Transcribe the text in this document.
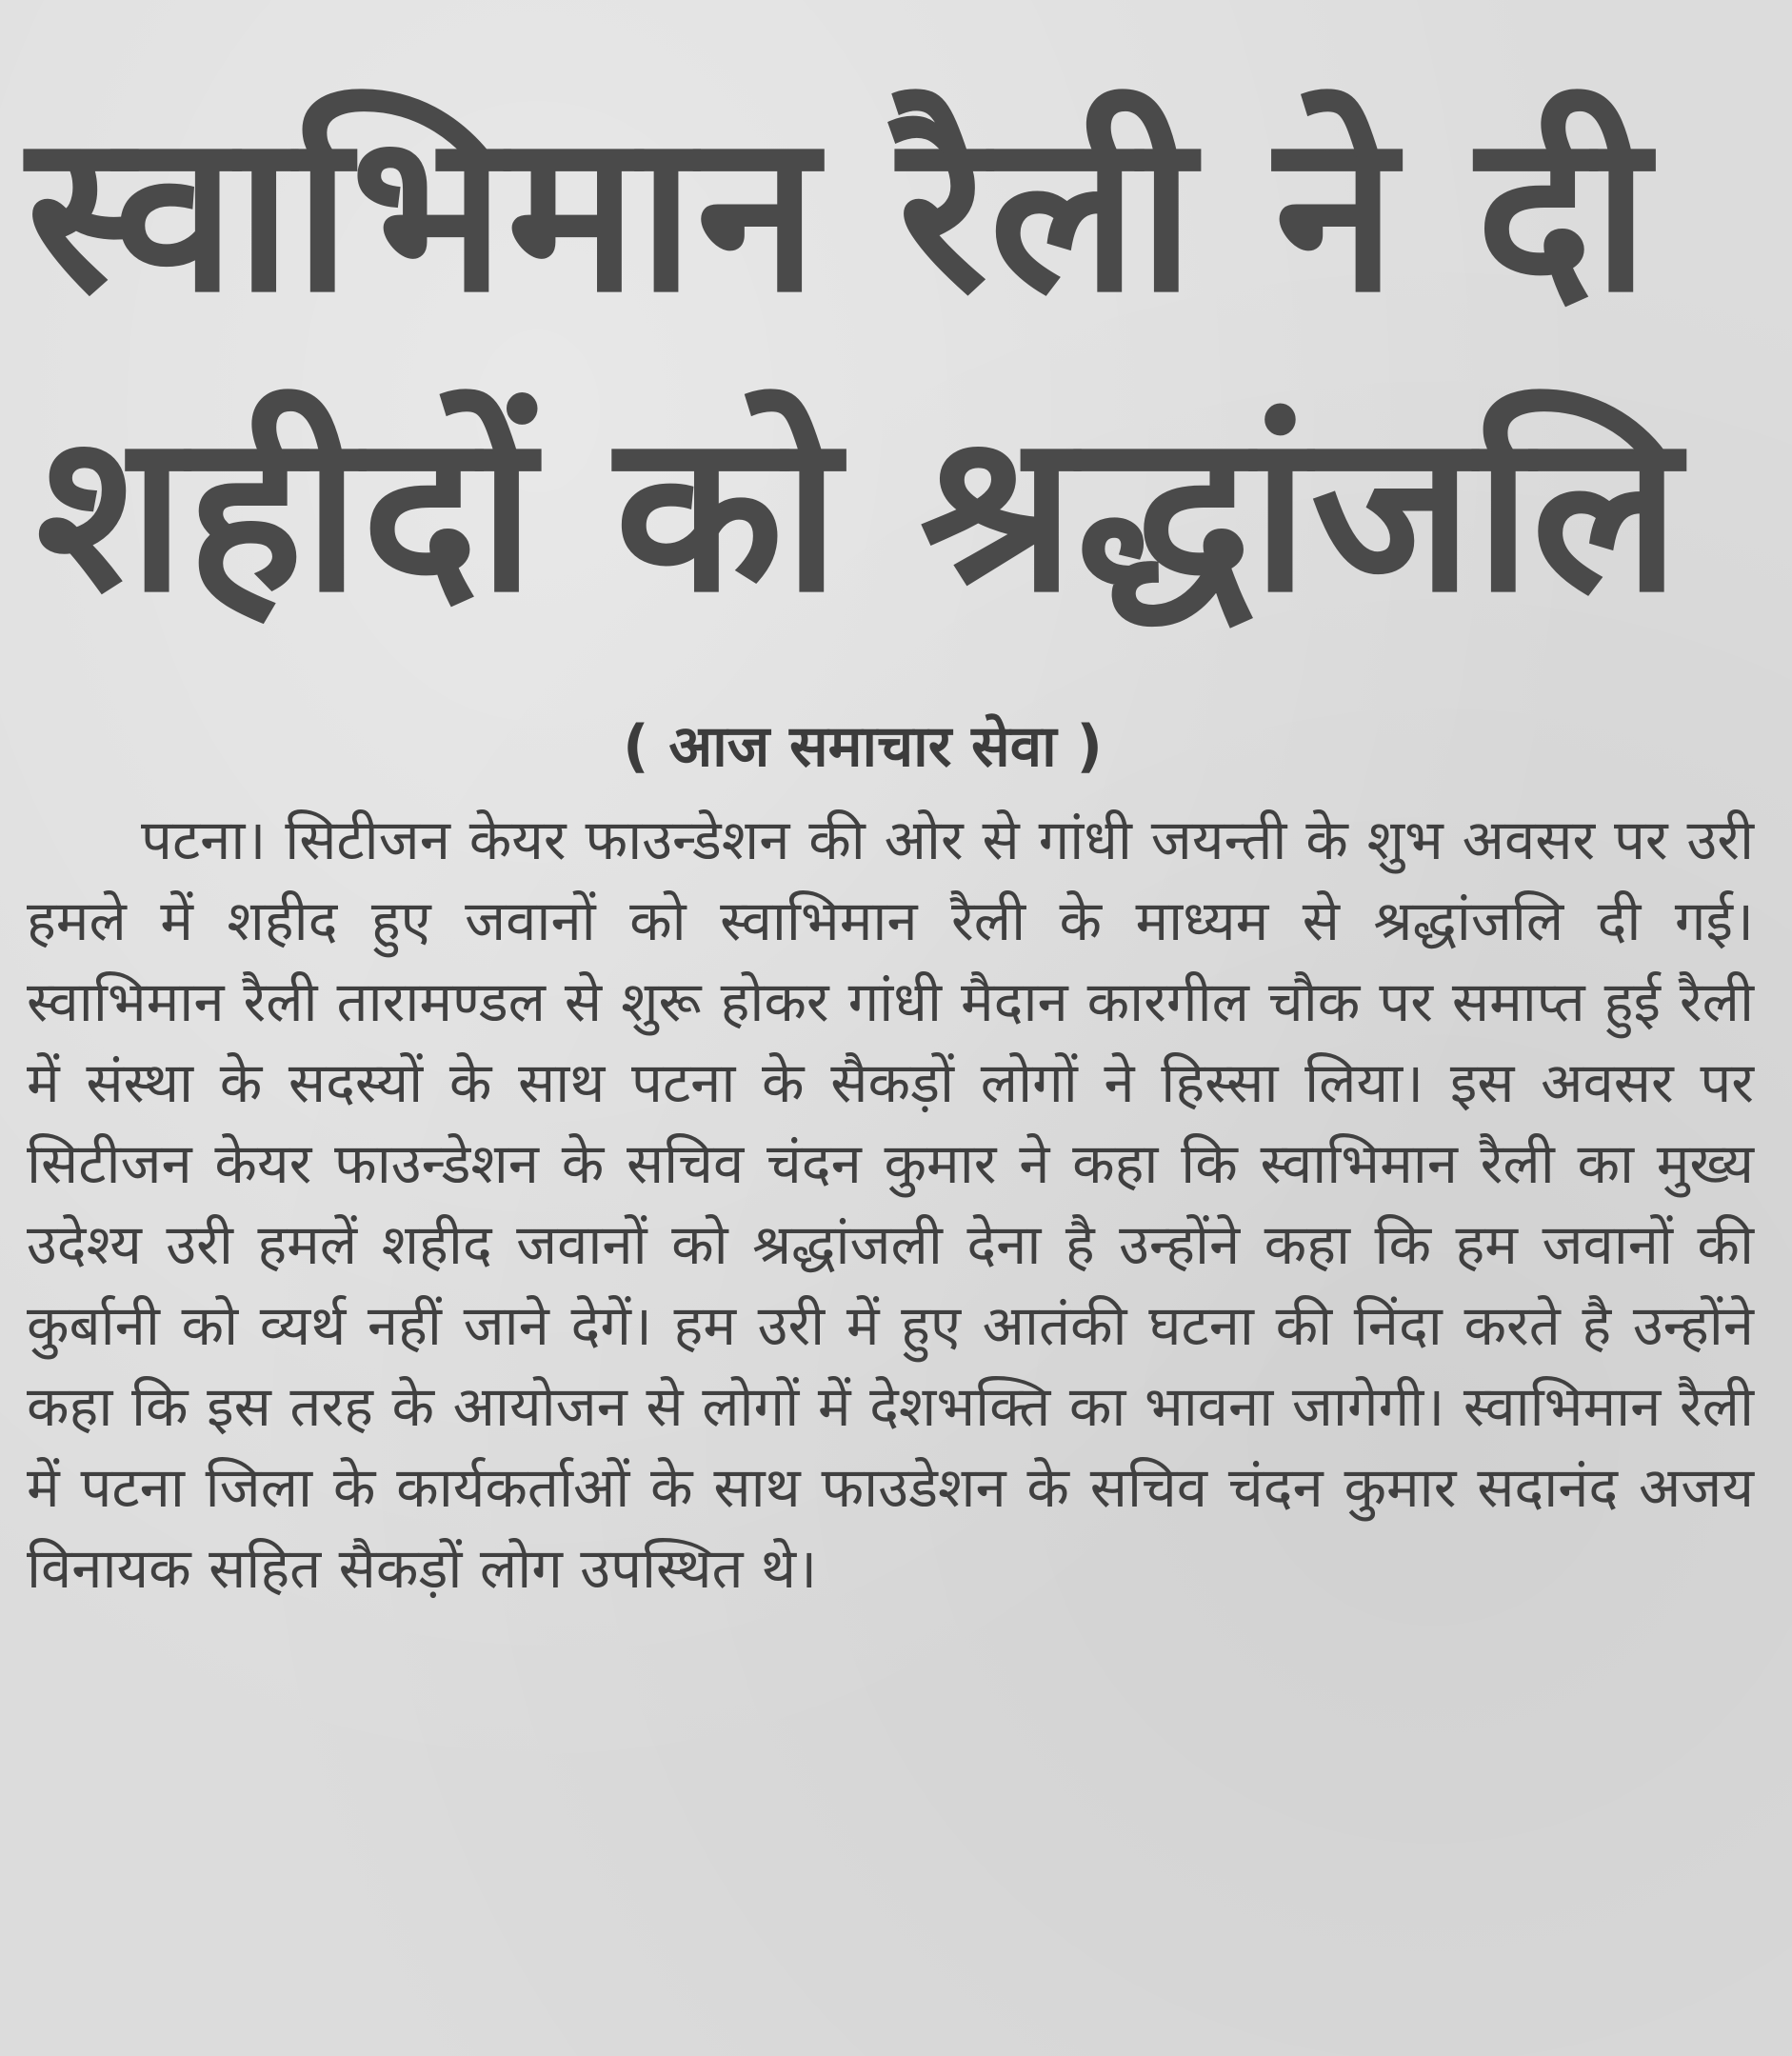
स्वाभिमान रैली ने दी
शहीदों को श्रद्धांजलि
( आज समाचार सेवा )

पटना। सिटीजन केयर फाउन्डेशन की ओर से गांधी जयन्ती के शुभ अवसर पर उरी हमले में शहीद हुए जवानों को स्वाभिमान रैली के माध्यम से श्रद्धांजलि दी गई। स्वाभिमान रैली तारामण्डल से शुरू होकर गांधी मैदान कारगील चौक पर समाप्त हुई रैली में संस्था के सदस्यों के साथ पटना के सैकड़ों लोगों ने हिस्सा लिया। इस अवसर पर सिटीजन केयर फाउन्डेशन के सचिव चंदन कुमार ने कहा कि स्वाभिमान रैली का मुख्य उदेश्य उरी हमलें शहीद जवानों को श्रद्धांजली देना है उन्होंने कहा कि हम जवानों की कुर्बानी को व्यर्थ नहीं जाने देगें। हम उरी में हुए आतंकी घटना की निंदा करते है उन्होंने कहा कि इस तरह के आयोजन से लोगों में देशभक्ति का भावना जागेगी। स्वाभिमान रैली में पटना जिला के कार्यकर्ताओं के साथ फाउडेशन के सचिव चंदन कुमार सदानंद अजय विनायक सहित सैकड़ों लोग उपस्थित थे।
